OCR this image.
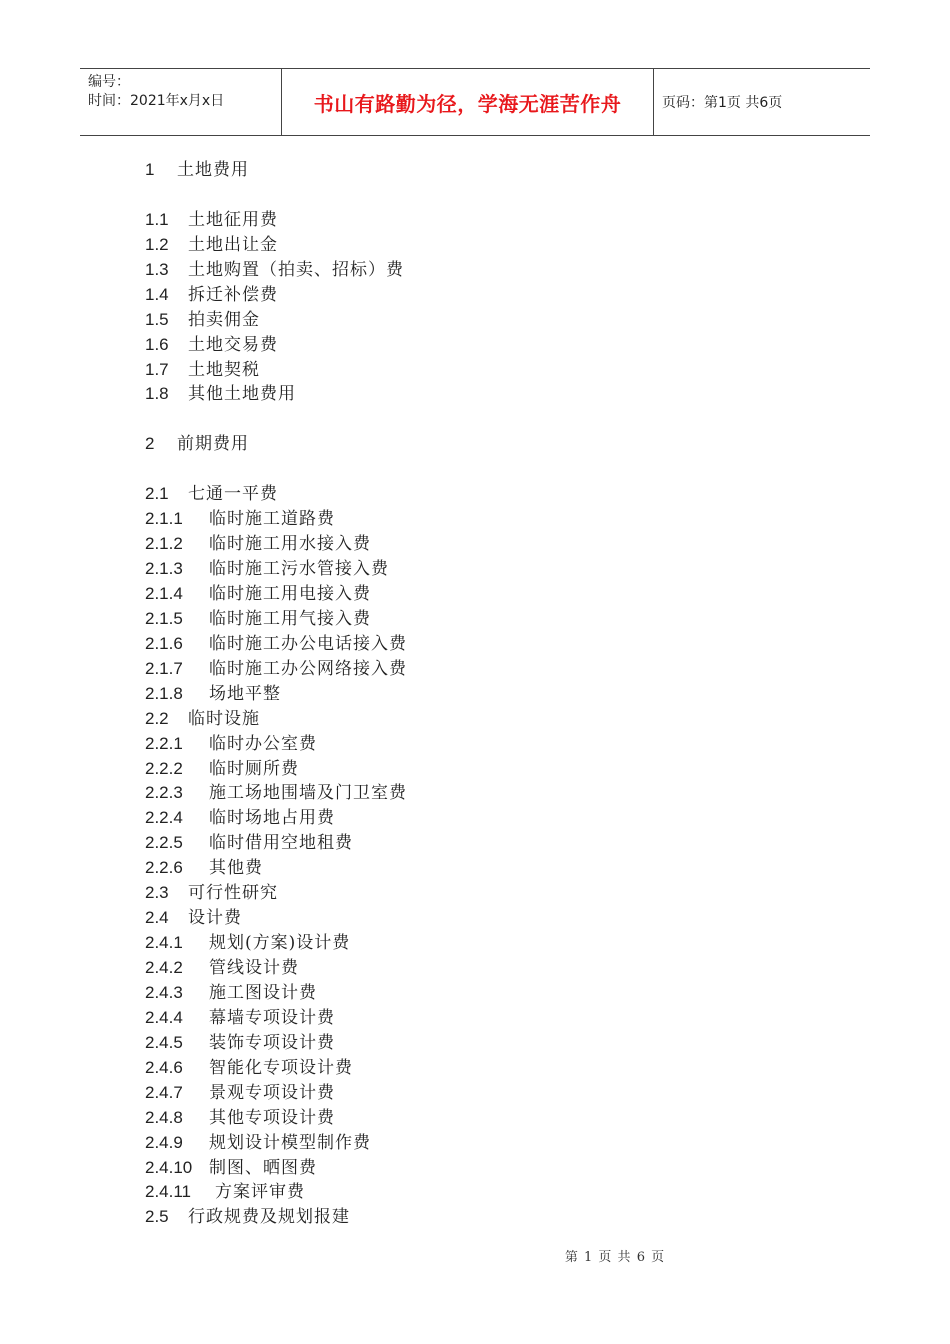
编号：
时间：2021年x月x日	书山有路勤为径，学海无涯苦作舟	页码：第1页 共6页
1	土地费用
1.1	土地征用费
1.2	土地出让金
1.3	土地购置（拍卖、招标）费
1.4	拆迁补偿费
1.5	拍卖佣金
1.6	土地交易费
1.7	土地契税
1.8	其他土地费用
2	前期费用
2.1	七通一平费
2.1.1	临时施工道路费
2.1.2	临时施工用水接入费
2.1.3	临时施工污水管接入费
2.1.4	临时施工用电接入费
2.1.5	临时施工用气接入费
2.1.6	临时施工办公电话接入费
2.1.7	临时施工办公网络接入费
2.1.8	场地平整
2.2	临时设施
2.2.1	临时办公室费
2.2.2	临时厕所费
2.2.3	施工场地围墙及门卫室费
2.2.4	临时场地占用费
2.2.5	临时借用空地租费
2.2.6	其他费
2.3	可行性研究
2.4	设计费
2.4.1	规划(方案)设计费
2.4.2	管线设计费
2.4.3	施工图设计费
2.4.4	幕墙专项设计费
2.4.5	装饰专项设计费
2.4.6	智能化专项设计费
2.4.7	景观专项设计费
2.4.8	其他专项设计费
2.4.9	规划设计模型制作费
2.4.10 制图、晒图费
2.4.11	方案评审费
2.5	行政规费及规划报建
第 1 页 共 6 页
